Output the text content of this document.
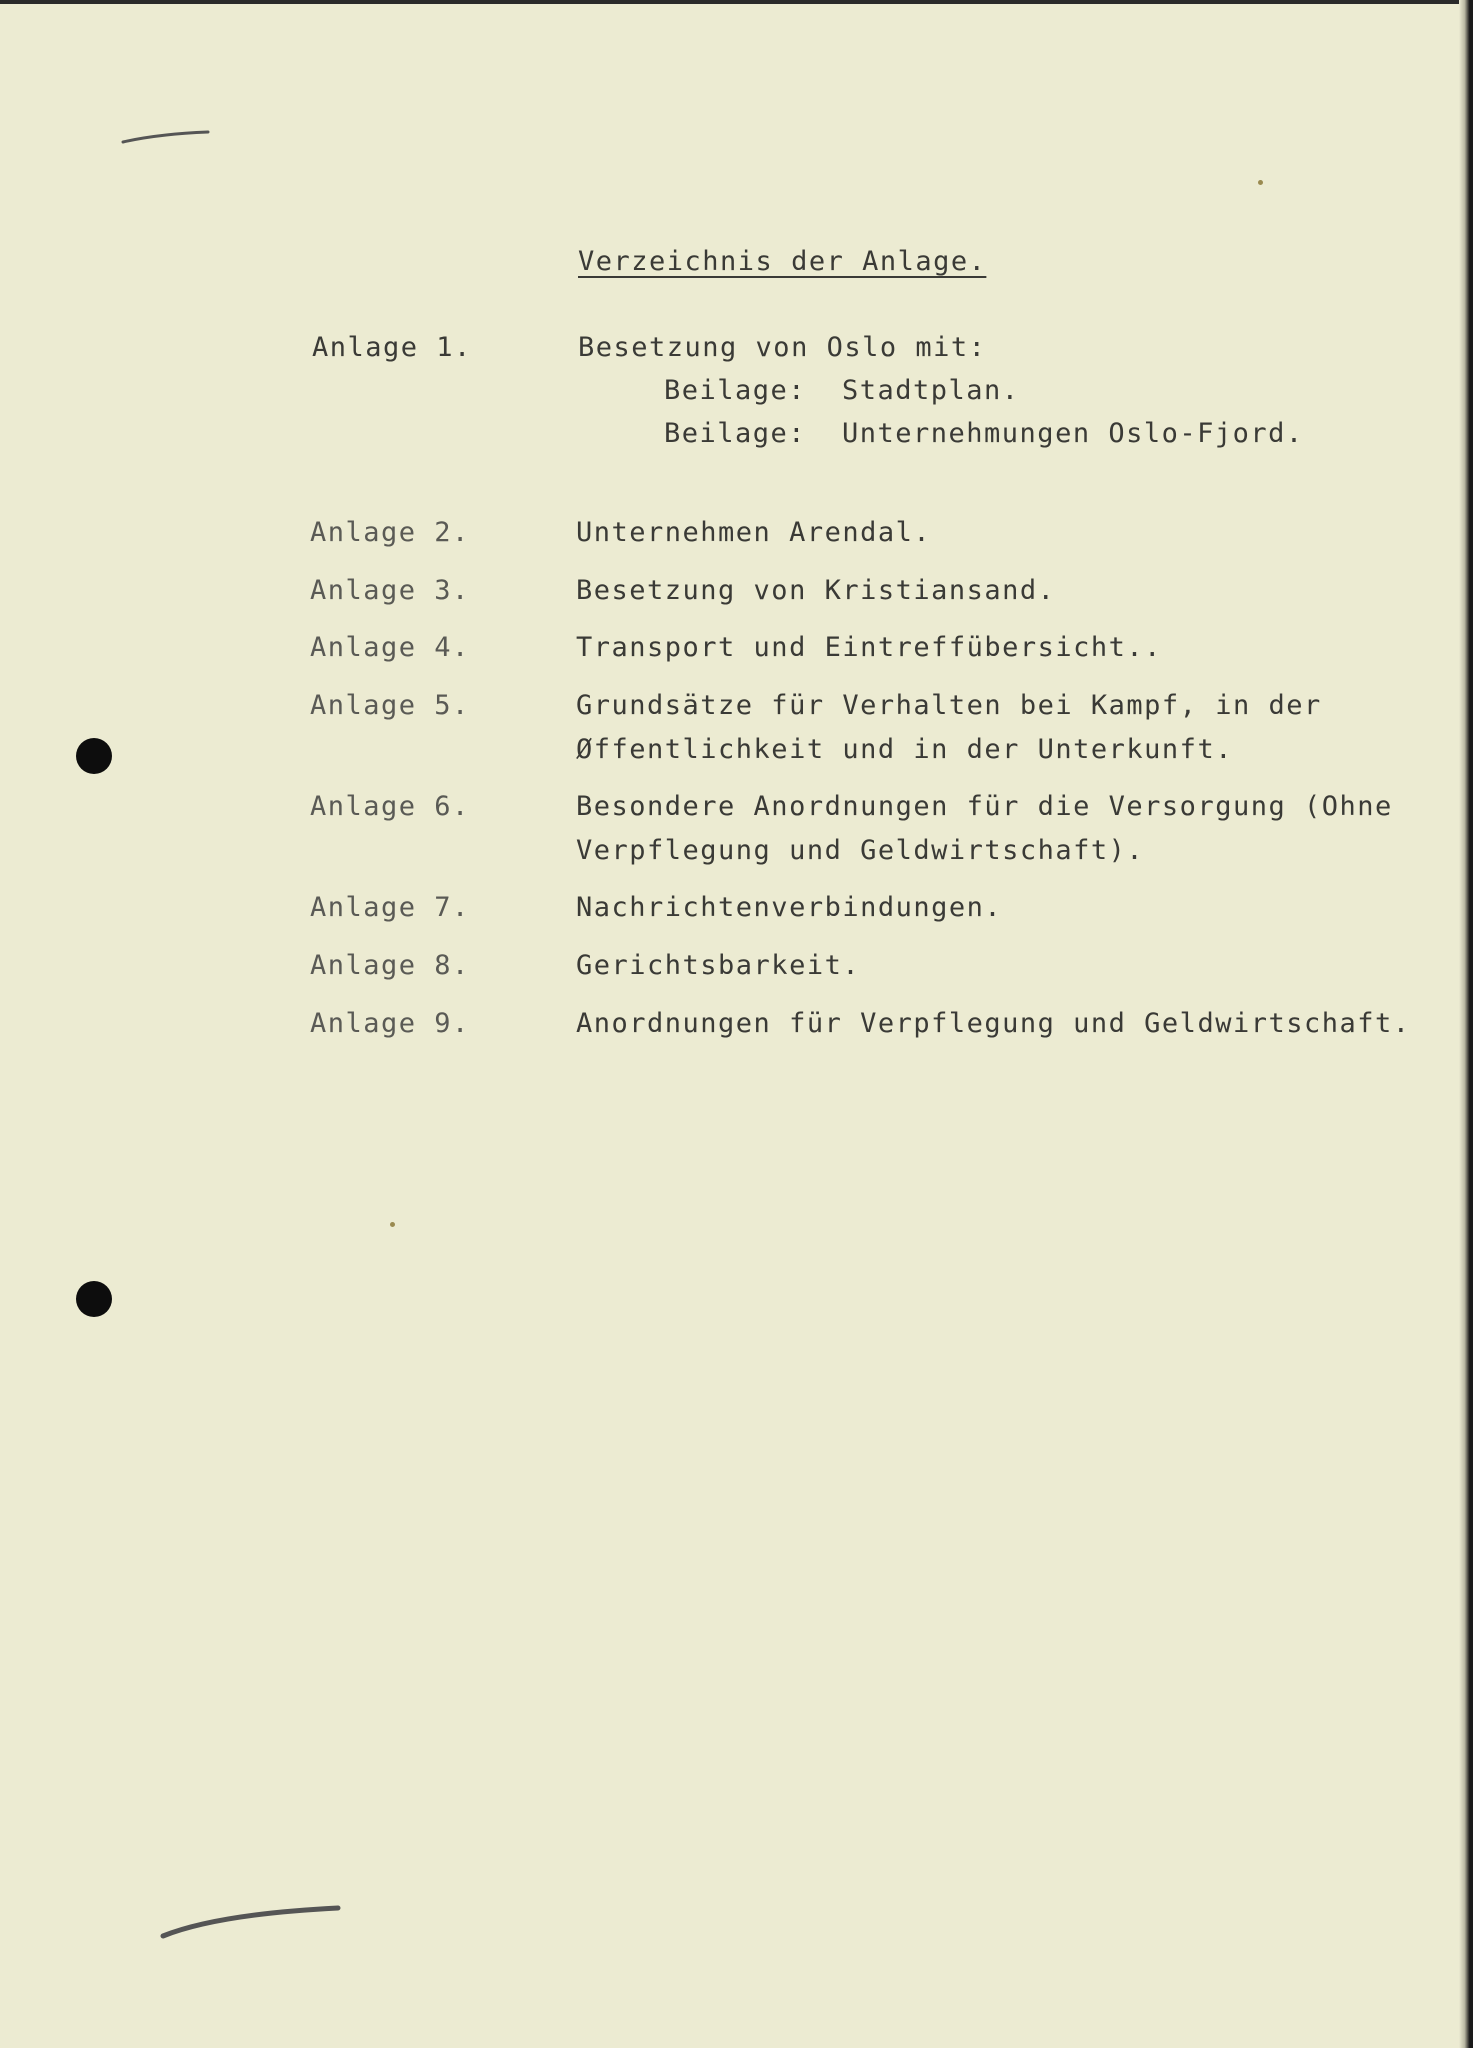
Verzeichnis der Anlage.
Anlage 1.	Besetzung von Oslo mit:
Beilage: Stadtplan.
Beilage: Unternehmungen Oslo-Fjord.
Anlage 2.	Unternehmen Arendal.
Anlage 3.	Besetzung von Kristiansand.
Anlage 4.	Transport und Eintreffübersicht..
Anlage 5.	Grundsätze für Verhalten bei Kampf, in der
Øffentlichkeit und in der Unterkunft.
Anlage 6.	Besondere Anordnungen für die Versorgung (Ohne
Verpflegung und Geldwirtschaft).
Anlage 7.	Nachrichtenverbindungen.
Anlage 8.	Gerichtsbarkeit.
Anlage 9.	Anordnungen für Verpflegung und Geldwirtschaft.
